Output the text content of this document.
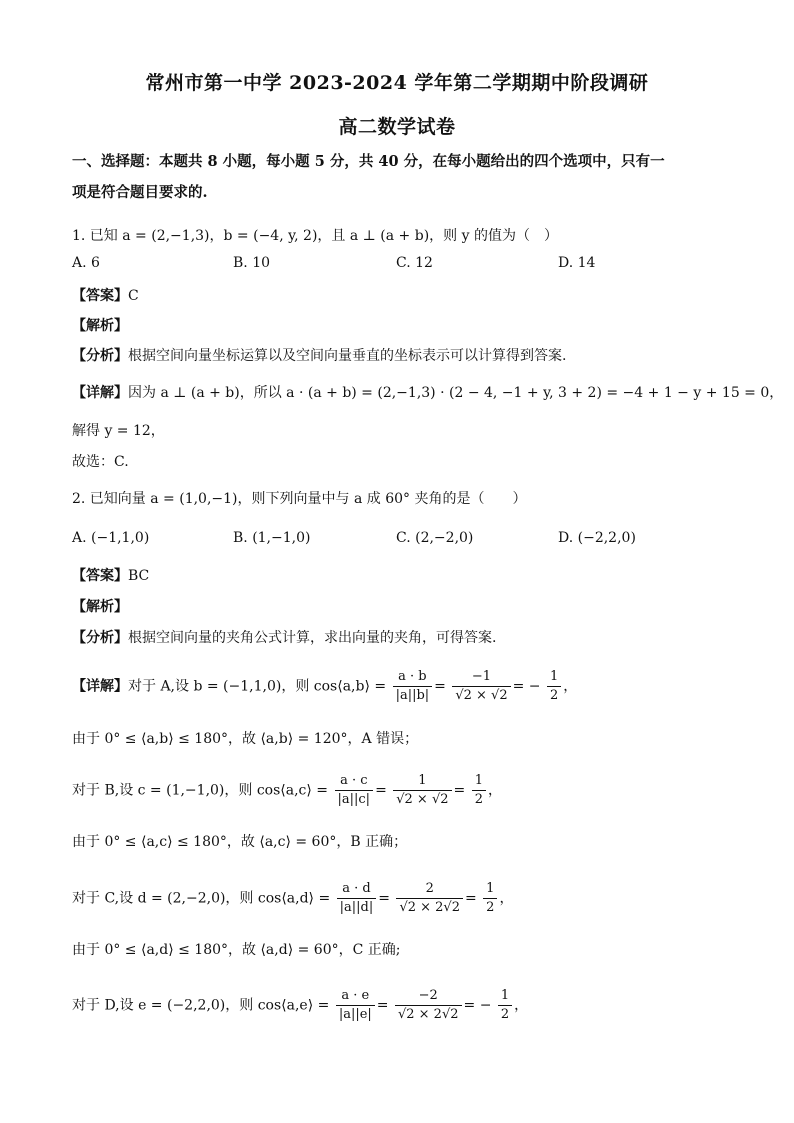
常州市第一中学 2023-2024 学年第二学期期中阶段调研
高二数学试卷
一、选择题：本题共 8 小题，每小题 5 分，共 40 分，在每小题给出的四个选项中，只有一
项是符合题目要求的.
1. 已知 a = (2,−1,3)，b = (−4, y, 2)，且 a ⊥ (a + b)，则 y 的值为（　）
A. 6	B. 10	C. 12	D. 14
【答案】C
【解析】
【分析】根据空间向量坐标运算以及空间向量垂直的坐标表示可以计算得到答案.
【详解】因为 a ⊥ (a + b)，所以 a · (a + b) = (2,−1,3) · (2 − 4, −1 + y, 3 + 2) = −4 + 1 − y + 15 = 0，
解得 y = 12，
故选：C.
2. 已知向量 a = (1,0,−1)，则下列向量中与 a 成 60° 夹角的是（　　）
A. (−1,1,0)	B. (1,−1,0)	C. (2,−2,0)	D. (−2,2,0)
【答案】BC
【解析】
【分析】根据空间向量的夹角公式计算，求出向量的夹角，可得答案.
【详解】对于 A,设 b = (−1,1,0)，则 cos⟨a,b⟩ = $\frac{a \cdot b}{|a||b|} = \frac{-1}{√2 \times √2}$ = − $\frac{1}{2}$ ，
由于 0° ≤ ⟨a,b⟩ ≤ 180°，故 ⟨a,b⟩ = 120°，A 错误；
对于 B,设 c = (1,−1,0)，则 cos⟨a,c⟩ = $\frac{a \cdot c}{|a||c|} = \frac{1}{√2 \times √2} = \frac{1}{2}$ ，
由于 0° ≤ ⟨a,c⟩ ≤ 180°，故 ⟨a,c⟩ = 60°，B 正确；
对于 C,设 d = (2,−2,0)，则 cos⟨a,d⟩ = $\frac{a \cdot d}{|a||d|} = \frac{2}{√2 \times 2√2} = \frac{1}{2}$ ，
由于 0° ≤ ⟨a,d⟩ ≤ 180°，故 ⟨a,d⟩ = 60°，C 正确;
对于 D,设 e = (−2,2,0)，则 cos⟨a,e⟩ = $\frac{a \cdot e}{|a||e|} = \frac{-2}{√2 \times 2√2}$ = − $\frac{1}{2}$ ，
